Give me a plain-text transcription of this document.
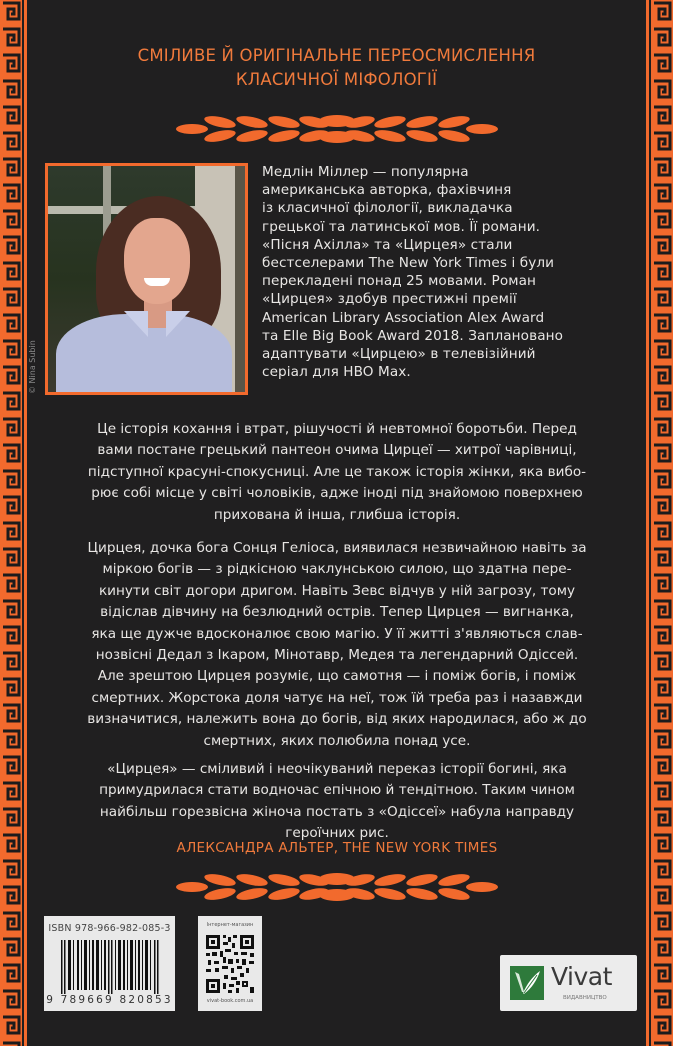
СМІЛИВЕ Й ОРИГІНАЛЬНЕ ПЕРЕОСМИСЛЕННЯ
КЛАСИЧНОЇ МІФОЛОГІЇ
© Nina Subin
Медлін Міллер — популярна
американська авторка, фахівчиня
із класичної філології, викладачка
грецької та латинської мов. Її романи.
«Пісня Ахілла» та «Цирцея» стали
бестселерами The New York Times і були
перекладені понад 25 мовами. Роман
«Цирцея» здобув престижні премії
American Library Association Alex Award
та Elle Big Book Award 2018. Заплановано
адаптувати «Цирцею» в телевізійний
серіал для HBO Max.
Це історія кохання і втрат, рішучості й невтомної боротьби. Перед
вами постане грецький пантеон очима Цирцеї — хитрої чарівниці,
підступної красуні-спокусниці. Але це також історія жінки, яка вибо-
рює собі місце у світі чоловіків, адже іноді під знайомою поверхнею
прихована й інша, глибша історія.
Цирцея, дочка бога Сонця Геліоса, виявилася незвичайною навіть за
міркою богів — з рідкісною чаклунською силою, що здатна пере-
кинути світ догори дригом. Навіть Зевс відчув у ній загрозу, тому
відіслав дівчину на безлюдний острів. Тепер Цирцея — вигнанка,
яка ще дужче вдосконалює свою магію. У її житті з'являються слав-
нозвісні Дедал з Ікаром, Мінотавр, Медея та легендарний Одіссей.
Але зрештою Цирцея розуміє, що самотня — і поміж богів, і поміж
смертних. Жорстока доля чатує на неї, тож їй треба раз і назавжди
визначитися, належить вона до богів, від яких народилася, або ж до
смертних, яких полюбила понад усе.
«Цирцея» — сміливий і неочікуваний переказ історії богині, яка
примудрилася стати водночас епічною й тендітною. Таким чином
найбільш горезвісна жіноча постать з «Одіссеї» набула направду
героїчних рис.
АЛЕКСАНДРА АЛЬТЕР, THE NEW YORK TIMES
ISBN 978-966-982-085-3
9 789669 820853
Інтернет-магазин
vivat-book.com.ua
Vivat
ВИДАВНИЦТВО
